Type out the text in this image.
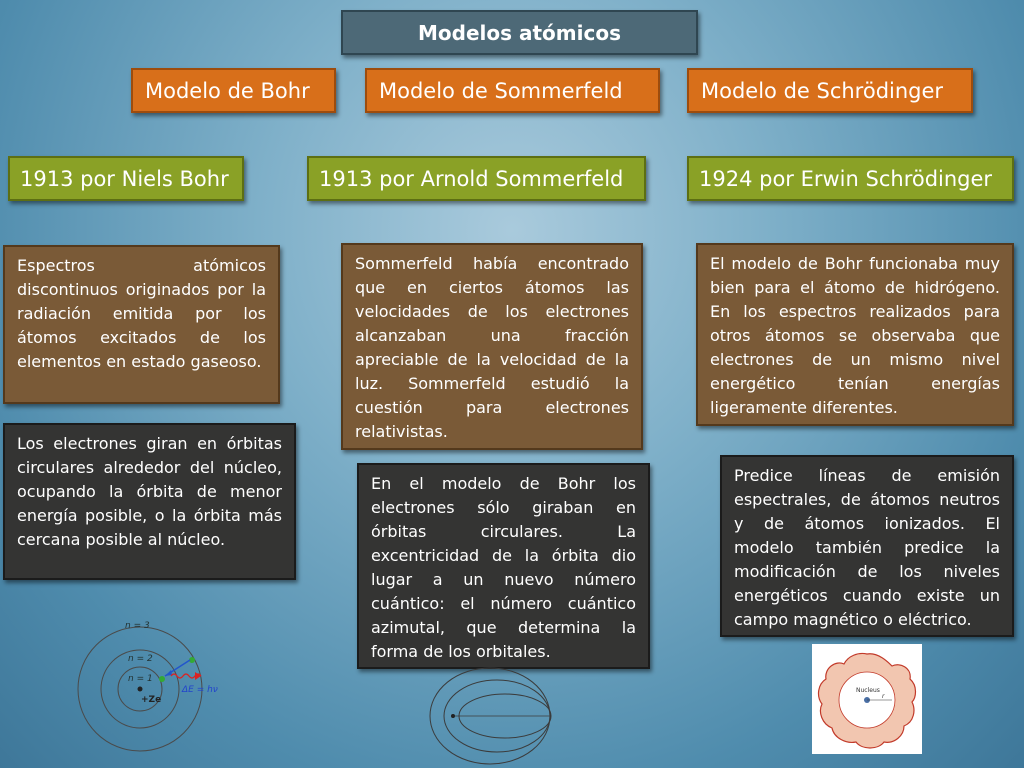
Modelos atómicos
Modelo de Bohr	Modelo de Sommerfeld	Modelo de Schrödinger
1913 por Niels Bohr	1913 por Arnold Sommerfeld	1924 por Erwin Schrödinger
Espectros atómicos discontinuos originados por la radiación emitida por los átomos excitados de los elementos en estado gaseoso.
Los electrones giran en órbitas circulares alrededor del núcleo, ocupando la órbita de menor energía posible, o la órbita más cercana posible al núcleo.
Sommerfeld había encontrado que en ciertos átomos las velocidades de los electrones alcanzaban una fracción apreciable de la velocidad de la luz. Sommerfeld estudió la cuestión para electrones relativistas.
En el modelo de Bohr los electrones sólo giraban en órbitas circulares. La excentricidad de la órbita dio lugar a un nuevo número cuántico: el número cuántico azimutal, que determina la forma de los orbitales.
El modelo de Bohr funcionaba muy bien para el átomo de hidrógeno. En los espectros realizados para otros átomos se observaba que electrones de un mismo nivel energético tenían energías ligeramente diferentes.
Predice líneas de emisión espectrales, de átomos neutros y de átomos ionizados. El modelo también predice la modificación de los niveles energéticos cuando existe un campo magnético o eléctrico.
n = 3
n = 2
n = 1
+Ze
ΔE = hν	Nucleus
r
